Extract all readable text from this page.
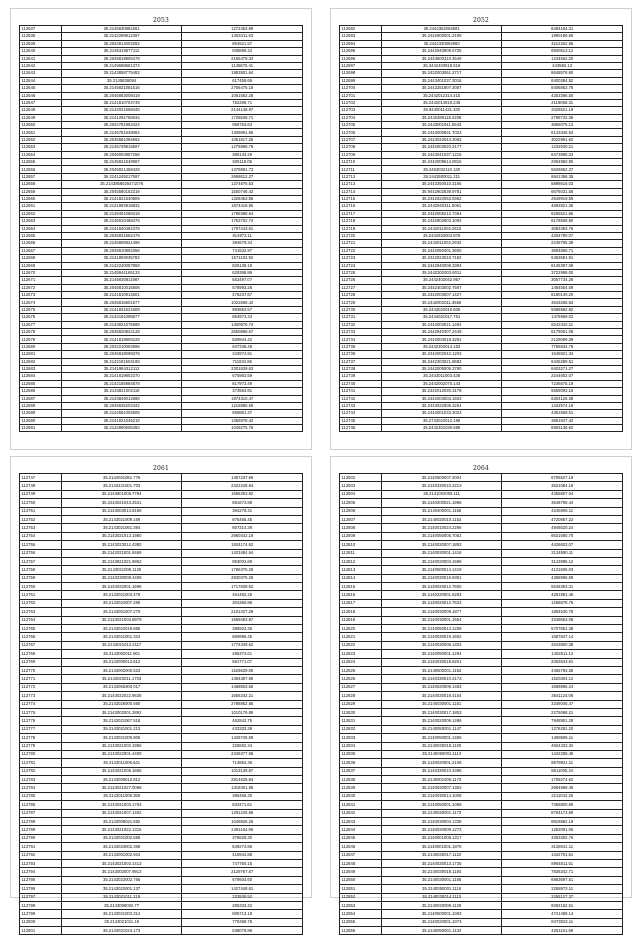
2053
112637	35.2145830881661	1272452.89
112638	35.2142289812397	1403411.63
112639	35.2042814003282	854521.57
112640	35.2145319577112	938898.24
112641	35.2045819805478	2165479.34
112642	35.2149668661374	1145675.41
112643	35.2143858775482	1953501.64
112644	35.2145836084	617459.66
112645	35.2145831081516	2756475.19
112646	35.2045883008419	1061562.28
112647	35.2141810704749	752296.71
112648	35.2142021658448	2144148.97
112649	35.2141291765634	1726539.71
112650	35.2042781952424	956763.64
112651	35.2145781648084	1309891.65
112652	35.2045581084692	1051617.25
112653	35.2145749815697	1275896.79
112654	35.2046003967256	385134.29
112655	35.2145821649987	635118.05
112656	35.2045821458428	1379891.73
112657	35.2141249217597	2668612.27
112658	35.2143858025471076	1374876.53
112659	35.2045580152316	1500746.42
112660	35.2141821540809	1328453.85
112661	35.2121993918832	1974418.95
112662	35.2149401086318	1788398.64
112663	35.2145910468476	1753762.74
112664	35.2141840492378	1797243.91
112665	35.2045831662479	814973.11
112666	35.2145808821498	394679.34
112667	35.2045910864356	741532.97
112668	35.2141893035782	1571193.92
112669	35.2142240057859	826138.19
112670	35.2145844165133	629398.86
112671	35.2145830811987	553497.07
112672	35.2045810015806	578993.26
112673	35.2141810914601	476237.67
112674	35.2045815601577	1022688.42
112675	35.2141831521608	993853.57
112676	35.2142181095877	854973.34
112677	35.2143821075688	1400676.74
112678	35.2045820842128	2650868.67
112679	35.2141819908228	829944.42
112680	35.2042210093995	947338.48
112681	35.2045818099378	343974.81
112682	35.2142181504198	711834.86
112683	35.2141984312112	2301839.63
112684	35.2141819802370	675963.59
112685	35.2142185984878	817973.49
112686	35.2143821002118	374564.81
112687	35.2143849012686	1974310.47
112688	35.2045845202342	1215885.59
112689	35.2144581002605	659861.37
112690	35.2141821045218	1356978.42
112691	35.2142890605450	1049275.76
2052
112692	35.2443352064591	6484164.31
112693	35.2442900001.2199	1990189.69
112694	35.2442330892980	3212252.56
112695	35.2442940909.5735	6940513.12
112696	35.2443600310.4549	1234552.20
112697	35.3442403918.519	443592.13
112698	35.2432003061.2717	8648578.60
112699	35.2443401037.3016	6400384.52
112700	35.2443251907.3057	8406853.76
112701	35.2442012314.415	4353396.50
112702	35.2442014819.249	2119068.31
112703	35.9440011431.330	3325521.19
112704	35.2442489118.2208	2798732.39
112705	35.2443001911.5543	3866075.13
112706	35.2443000831.7023	6143346.53
112707	35.2443022044.3063	3022991.62
112708	35.2442003020.2177	1232930.21
112709	35.2443041037.1215	8473965.23
112710	35.2442009514.0815	2964950.90
112711	35.2463032110.130	5626852.37
112712	35.2443500011.211	6641396.35
112713	35.2443350010.3165	5898616.03
112714	35.9442902639.9781	6676031.56
112715	35.2442022053.9362	2549919.59
112716	35.2442940311.5061	4692821.36
112717	35.2442005212.7364	8265521.86
112718	35.2442902903.1092	6178566.80
112719	35.2442011003.2615	3083393.76
112720	35.2442933003.878	4204780.07
112721	35.2443011003.2932	2248765.38
112722	35.2442050401.3600	3694865.71
112723	35.2442023010.7162	6453581.91
112724	35.2442940008.3394	6145387.08
112725	35.2442302003.6011	3722998.00
112726	35.2442402042.957	3057734.28
112727	35.2442403002.7567	1484554.09
112728	35.2442003007.1427	6180140.20
112729	35.2442002011.3566	4643255.63
112730	35.2443022010.605	9386982.82
112731	35.2444021017.761	1476969.02
112732	35.2442003021.1494	8242442.11
112733	35.2442940307.2449	6175051.08
112734	35.2442004019.4291	2129099.39
112735	35.2442302014.153	7756834.79
112736	35.2442002042.1203	1545921.34
112737	35.2442303021.8682	6445289.51
112738	35.2442005005.3790	8403271.27
112739	35.2443011003.438	2244602.07
112740	35.2442002070.143	7236675.19
112741	35.2442012030.3178	5558093.16
112742	35.2442003003.1503	6304125.38
112743	35.2443022005.3254	1432574.16
112744	35.2442001033.3023	4351669.51
112745	35.2743022012.199	3861947.42
112746	35.2442301030.698	6983136.62
2061
112747	35.2144021061.776	1457237.69
112748	35.2143221001.703	2422249.84
112749	35.2143801005.7784	1665353.82
112750	35.2243021043.2531	881673.88
112751	35.2143003014.8169	394278.31
112752	35.2143021009.169	875465.45
112753	35.2143021061.394	607314.39
112754	35.2143021013.1980	2960442.19
112755	35.2143023012.4380	1934174.62
112756	35.2142021001.8469	1423494.54
112757	35.2143821021.6952	953002.69
112758	35.2143021008.1125	1786376.26
112759	35.2143230008.4406	2930375.26
112760	35.2143022001.1698	1717839.62
112761	35.2143021003.478	461482.26
112762	35.2143022007.269	304366.86
112763	35.2143001007.279	2101427.29
112764	35.2143021003.8979	1659463.87
112765	35.2143022019.869	386923.35
112766	35.2143021001.324	869996.45
112767	35.2143021013.4117	1774349.62
112768	35.2143002011.961	495373.61
112769	35.2143005013.612	591771.07
112770	35.2143002000.523	1526629.05
112771	35.2143023011.1703	1384387.96
112772	35.2143065300.017	1468803.55
112773	35.2143022022.9638	1656342.21
112774	35.2143026000.560	2788852.86
112775	35.2143002001.2892	1010179.89
112776	35.2143021067.518	462942.75
112777	35.2143021001.213	433333.39
112778	35.2143021009.806	1426745.59
112779	35.2143021002.1956	226592.34
112780	35.2143022001.4400	2345377.58
112781	35.2143011006.641	714854.36
112782	35.2143021005.1665	1013139.87
112783	35.2143006012.812	2914625.84
112784	35.2143021027.0066	1318401.58
112785	35.2143011006.358	386456.30
112786	35.2143021003.1763	833471.61
112787	35.2143021007.1462	1281225.86
112788	35.2143006021.682	1049826.26
112789	35.2143021022.1315	2491154.89
112790	35.2143021002.558	378628.30
112791	35.2143023002.368	649274.86
112792	35.2143001002.934	416944.88
112793	35.2143021003.1413	747760.15
112794	35.2143002007.9913	2129767.67
112795	35.2143022002.756	679934.60
112796	35.2143022001.137	1427448.61
112797	35.2143021011.219	333938.52
112798	35.2143008002.77	285333.42
112799	35.2143021003.314	805713.18
112800	35.2143021011.18	775368.76
112801	35.2143021023.173	538079.86
2064
112802	35.2140500007.2004	6705527.19
112803	35.2140330010.2213	3521084.16
112804	35.2141002006.111	4355807.04
112805	35.2140200021.1998	3648768.44
112806	35.2140400001.1156	4245905.11
112807	35.2140020010.1153	4720857.22
112808	35.2140010024.2296	4946520.24
112809	35.2140050005.7062	6631690.70
112810	35.2140020007.1893	4426603.07
112811	35.2140030001.1416	2124590.11
112812	35.2140020003.1696	3143985.12
112813	35.2140500014.1419	4131506.03
112814	35.2140030018.6381	4368996.59
112815	35.2140020012.7600	5548353.31
112816	35.2140220001.5283	4281981.46
112817	35.2140020012.7633	1266678.76
112818	35.2140030009.1877	1884530.78
112819	35.2140030001.1654	3348653.08
112820	35.2140050014.1208	5707651.38
112821	35.2140030019.1652	1587847.14
112822	35.2140030008.1403	3343800.38
112823	35.2140050001.1294	1402511.12
112824	35.2140030018.6201	2082643.81
112825	35.2140500001.1153	4465793.36
112826	35.2140330010.2173	1520304.12
112827	35.2140020009.1483	1869885.24
112828	35.2140030018.4154	3541124.08
112829	35.2140030001.1161	3346045.47
112830	35.2140030017.1853	2275068.21
112831	35.2140020009.1496	7948951.29
112832	35.2140050001.1147	1276281.20
112833	35.2140050001.1465	1459565.11
112834	35.2140030018.1100	4924333.32
112835	35.2140050001.1113	1442258.48
112836	35.2140020001.2108	8679921.11
112837	35.2140330010.4398	8611005.24
112838	35.2140001006.1173	1708274.62
112839	35.2140020007.1352	2684969.49
112840	35.2140030014.1008	2211042.25
112841	35.2140050001.1058	7356800.89
112842	35.2140030001.1173	8764173.69
112843	35.2140030004.1338	8918862.19
112844	35.2140020009.1273	1292091.05
112845	35.2140001005.1317	3393302.76
112846	35.2140001001.1975	3128041.11
112847	35.2140030017.1122	1442701.61
112848	35.2140030013.1735	8964811.51
112849	35.2140030018.1184	7826342.71
112850	35.2140030001.1165	6953697.51
112851	35.2140050001.1116	2258973.11
112852	35.2140030014.1110	2255127.37
112853	35.2140020009.1129	6082162.51
112854	35.2140500001.1083	4741458.14
112855	35.2140020001.1073	8473523.11
112856	35.2140050001.1134	4251161.68
